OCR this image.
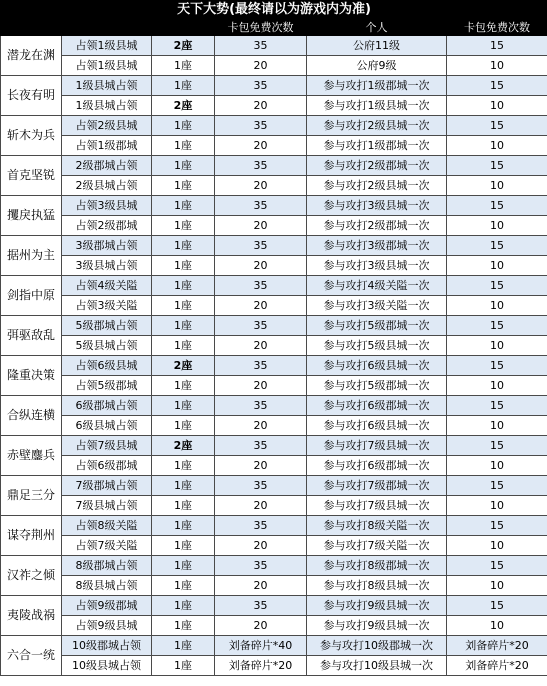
天下大势(最终请以为游戏内为准)					
			卡包免费次数	个人	卡包免费次数
潜龙在渊	占领1级县城	2座	35	公府11级	15
	占领1级县城	1座	20	公府9级	10
长夜有明	1级县城占领	1座	35	参与攻打1级郡城一次	15
	1级县城占领	2座	20	参与攻打1级县城一次	10
斩木为兵	占领2级县城	1座	35	参与攻打2级县城一次	15
	占领1级郡城	1座	20	参与攻打1级郡城一次	10
首克坚锐	2级郡城占领	1座	35	参与攻打2级郡城一次	15
	2级县城占领	1座	20	参与攻打2级县城一次	10
攫戾执猛	占领3级县城	1座	35	参与攻打3级县城一次	15
	占领2级郡城	1座	20	参与攻打2级郡城一次	10
据州为主	3级郡城占领	1座	35	参与攻打3级郡城一次	15
	3级县城占领	1座	20	参与攻打3级县城一次	10
剑指中原	占领4级关隘	1座	35	参与攻打4级关隘一次	15
	占领3级关隘	1座	20	参与攻打3级关隘一次	10
弭驱敌乱	5级郡城占领	1座	35	参与攻打5级郡城一次	15
	5级县城占领	1座	20	参与攻打5级县城一次	10
隆重决策	占领6级县城	2座	35	参与攻打6级县城一次	15
	占领5级郡城	1座	20	参与攻打5级郡城一次	10
合纵连横	6级郡城占领	1座	35	参与攻打6级郡城一次	15
	6级县城占领	1座	20	参与攻打6级县城一次	10
赤壁鏖兵	占领7级县城	2座	35	参与攻打7级县城一次	15
	占领6级郡城	1座	20	参与攻打6级郡城一次	10
鼎足三分	7级郡城占领	1座	35	参与攻打7级郡城一次	15
	7级县城占领	1座	20	参与攻打7级县城一次	10
谋夺荆州	占领8级关隘	1座	35	参与攻打8级关隘一次	15
	占领7级关隘	1座	20	参与攻打7级关隘一次	10
汉祚之倾	8级郡城占领	1座	35	参与攻打8级郡城一次	15
	8级县城占领	1座	20	参与攻打8级县城一次	10
夷陵战祸	占领9级郡城	1座	35	参与攻打9级县城一次	15
	占领9级县城	1座	20	参与攻打9级县城一次	10
六合一统	10级郡城占领	1座	刘备碎片*40	参与攻打10级郡城一次	刘备碎片*20
	10级县城占领	1座	刘备碎片*20	参与攻打10级县城一次	刘备碎片*20
